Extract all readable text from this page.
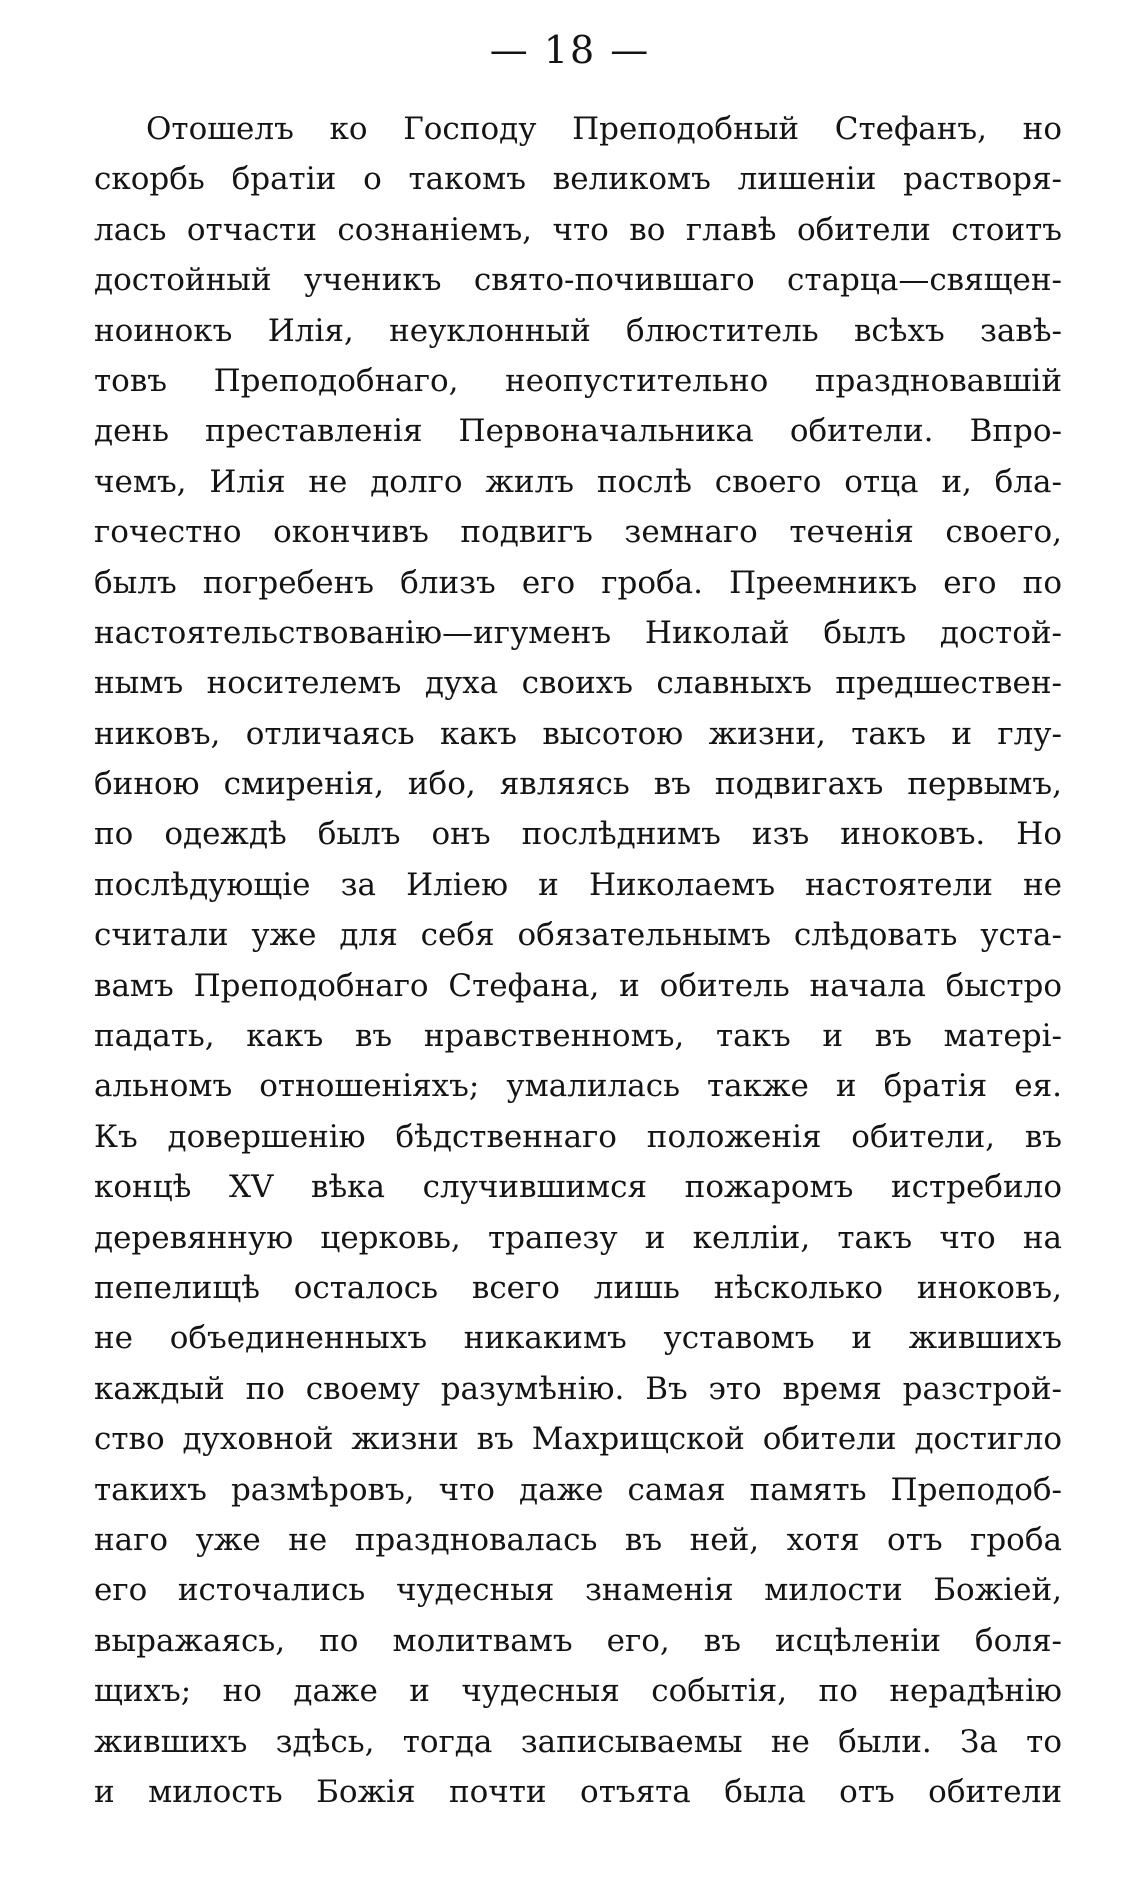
— 18 —
Отошелъ ко Господу Преподобный Стефанъ, но
скорбь братіи о такомъ великомъ лишеніи растворя-
лась отчасти сознаніемъ, что во главѣ обители стоитъ
достойный ученикъ свято-почившаго старца—священ-
ноинокъ Илія, неуклонный блюститель всѣхъ завѣ-
товъ Преподобнаго, неопустительно праздновавшій
день преставленія Первоначальника обители. Впро-
чемъ, Илія не долго жилъ послѣ своего отца и, бла-
гочестно окончивъ подвигъ земнаго теченія своего,
былъ погребенъ близъ его гроба. Преемникъ его по
настоятельствованію—игуменъ Николай былъ достой-
нымъ носителемъ духа своихъ славныхъ предшествен-
никовъ, отличаясь какъ высотою жизни, такъ и глу-
биною смиренія, ибо, являясь въ подвигахъ первымъ,
по одеждѣ былъ онъ послѣднимъ изъ иноковъ. Но
послѣдующіе за Иліею и Николаемъ настоятели не
считали уже для себя обязательнымъ слѣдовать уста-
вамъ Преподобнаго Стефана, и обитель начала быстро
падать, какъ въ нравственномъ, такъ и въ матері-
альномъ отношеніяхъ; умалилась также и братія ея.
Къ довершенію бѣдственнаго положенія обители, въ
концѣ XV вѣка случившимся пожаромъ истребило
деревянную церковь, трапезу и келліи, такъ что на
пепелищѣ осталось всего лишь нѣсколько иноковъ,
не объединенныхъ никакимъ уставомъ и жившихъ
каждый по своему разумѣнію. Въ это время разстрой-
ство духовной жизни въ Махрищской обители достигло
такихъ размѣровъ, что даже самая память Преподоб-
наго уже не праздновалась въ ней, хотя отъ гроба
его источались чудесныя знаменія милости Божіей,
выражаясь, по молитвамъ его, въ исцѣленіи боля-
щихъ; но даже и чудесныя событія, по нерадѣнію
жившихъ здѣсь, тогда записываемы не были. За то
и милость Божія почти отъята была отъ обители
